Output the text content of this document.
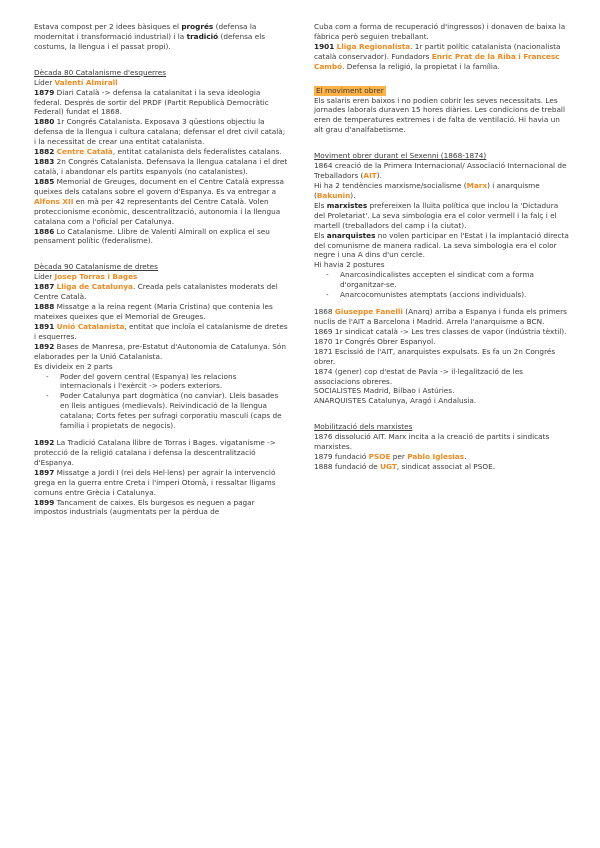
Estava compost per 2 idees bàsiques el progrés (defensa la modernitat i transformació industrial) i la tradició (defensa els costums, la llengua i el passat propi).

Dècada 80 Catalanisme d'esquerres

Líder Valentí Almirall

1879 Diari Català -> defensa la catalanitat i la seva ideologia federal. Després de sortir del PRDF (Partit Republicà Democràtic Federal) fundat el 1868.

1880 1r Congrés Catalanista. Exposava 3 qüestions objectiu la defensa de la llengua i cultura catalana; defensar el dret civil català; i la necessitat de crear una entitat catalanista.

1882 Centre Català, entitat catalanista dels federalistes catalans.

1883 2n Congrés Catalanista. Defensava la llengua catalana i el dret català, i abandonar els partits espanyols (no catalanistes).

1885 Memorial de Greuges, document en el Centre Català expressa queixes dels catalans sobre el govern d'Espanya. Es va entregar a Alfons XII en mà per 42 representants del Centre Català. Volen proteccionisme econòmic, descentralització, autonomia i la llengua catalana com a l'oficial per Catalunya.

1886 Lo Catalanisme. Llibre de Valentí Almirall on explica el seu pensament polític (federalisme).

Dècada 90 Catalanisme de dretes

Líder Josep Torras i Bages

1887 Lliga de Catalunya. Creada pels catalanistes moderats del Centre Català.

1888 Missatge a la reina regent (Maria Cristina) que contenia les mateixes queixes que el Memorial de Greuges.

1891 Unió Catalanista, entitat que incloïa el catalanisme de dretes i esquerres.

1892 Bases de Manresa, pre-Estatut d'Autonomia de Catalunya. Són elaborades per la Unió Catalanista.

Es divideix en 2 parts

- Poder del govern central (Espanya) les relacions internacionals i l'exèrcit -> poders exteriors.
- Poder Catalunya part dogmàtica (no canviar). Lleis basades en lleis antigues (medievals). Reivindicació de la llengua catalana; Corts fetes per sufragi corporatiu masculí (caps de família i propietats de negocis).

1892 La Tradició Catalana llibre de Torras i Bages. vigatanisme -> protecció de la religió catalana i defensa la descentralització d'Espanya.

1897 Missatge a Jordi I (rei dels Hel·lens) per agrair la intervenció grega en la guerra entre Creta i l'imperi Otomà, i ressaltar lligams comuns entre Grècia i Catalunya.

1899 Tancament de caixes. Els burgesos es neguen a pagar impostos industrials (augmentats per la pèrdua de

Cuba com a forma de recuperació d'ingressos) i donaven de baixa la fàbrica però seguien treballant.

1901 Lliga Regionalista. 1r partit polític catalanista (nacionalista català conservador). Fundadors Enric Prat de la Riba i Francesc Cambó. Defensa la religió, la propietat i la família.

El moviment obrer

Els salaris eren baixos i no podien cobrir les seves necessitats. Les jornades laborals duraven 15 hores diàries. Les condicions de treball eren de temperatures extremes i de falta de ventilació. Hi havia un alt grau d'analfabetisme.

Moviment obrer durant el Sexenni (1868-1874)

1864 creació de la Primera Internacional/ Associació Internacional de Treballadors (AIT).

Hi ha 2 tendències marxisme/socialisme (Marx) i anarquisme (Bakunin).

Els marxistes prefereixen la lluita política que inclou la 'Dictadura del Proletariat'. La seva simbologia era el color vermell i la falç i el martell (treballadors del camp i la ciutat).

Els anarquistes no volen participar en l'Estat i la implantació directa del comunisme de manera radical. La seva simbologia era el color negre i una A dins d'un cercle.

Hi havia 2 postures

- Anarcosindicalistes accepten el sindicat com a forma d'organitzar-se.
- Anarcocomunistes atemptats (accions individuals).

1868 Giuseppe Fanelli (Anarq) arriba a Espanya i funda els primers nuclis de l'AIT a Barcelona i Madrid. Arrela l'anarquisme a BCN.

1869 1r sindicat català -> Les tres classes de vapor (indústria tèxtil).

1870 1r Congrés Obrer Espanyol.

1871 Escissió de l'AIT, anarquistes expulsats. Es fa un 2n Congrés obrer.

1874 (gener) cop d'estat de Pavía -> il·legalització de les associacions obreres.

SOCIALISTES Madrid, Bilbao i Astúries.

ANARQUISTES Catalunya, Aragó i Andalusia.

Mobilització dels marxistes

1876 dissolució AIT. Marx incita a la creació de partits i sindicats marxistes.

1879 fundació PSOE per Pablo Iglesias.

1888 fundació de UGT, sindicat associat al PSOE.
